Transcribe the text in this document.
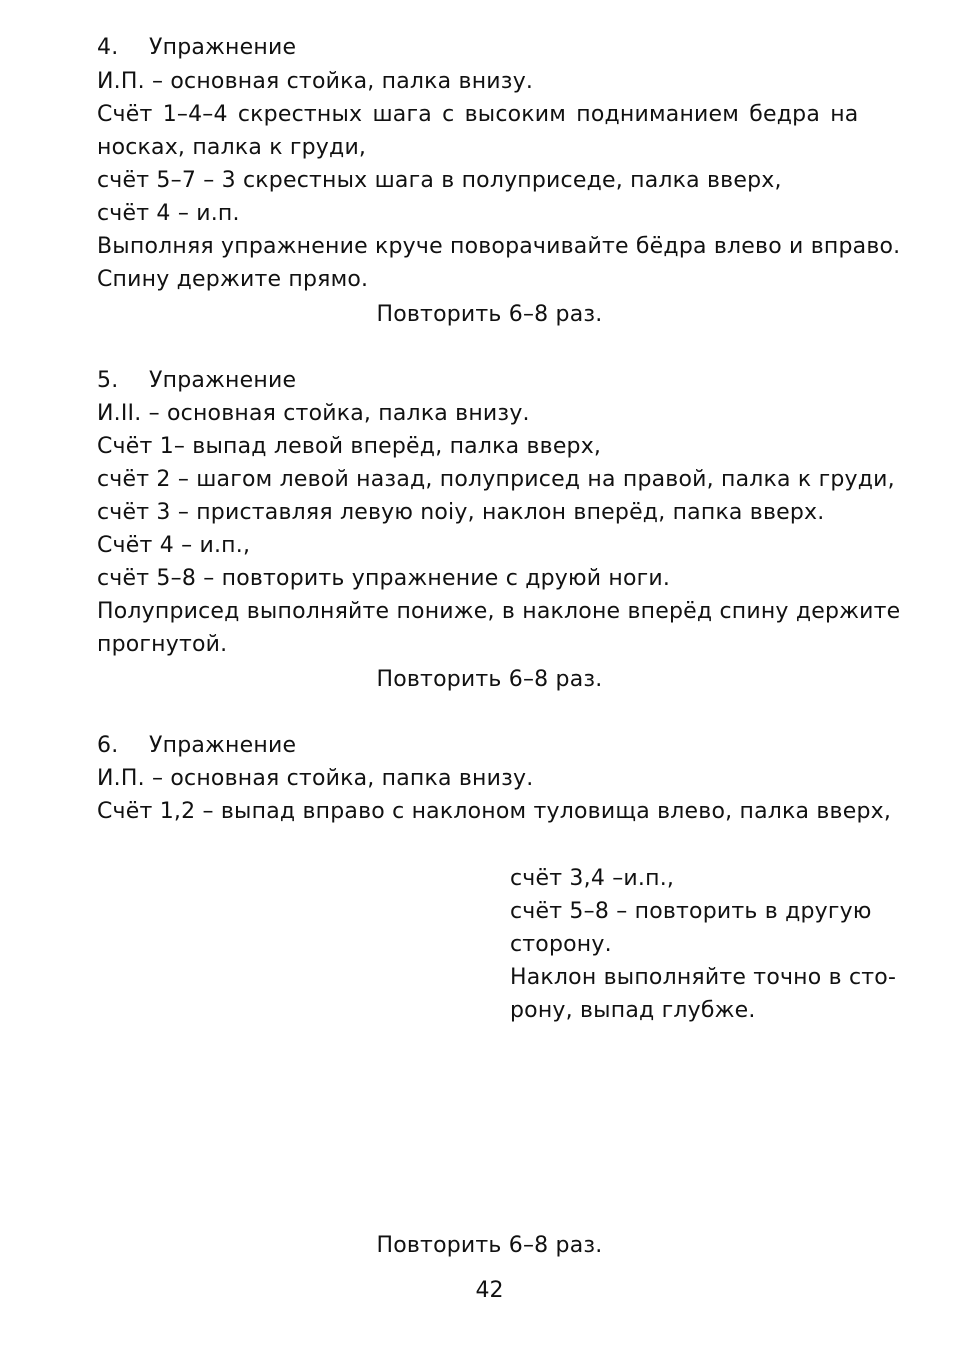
4. Упражнение
И.П. – основная стойка, палка внизу.
Счёт 1–4–4 скрестных шага с высоким подниманием бедра на
носках, палка к груди,
счёт 5–7 – 3 скрестных шага в полуприседе, палка вверх,
счёт 4 – и.п.
Выполняя упражнение круче поворачивайте бёдра влево и вправо.
Спину держите прямо.
Повторить 6–8 раз.
5. Упражнение
И.II. – основная стойка, палка внизу.
Счёт 1– выпад левой вперёд, палка вверх,
счёт 2 – шагом левой назад, полуприсед на правой, палка к груди,
счёт 3 – приставляя левую noiy, наклон вперёд, папка вверх.
Счёт 4 – и.п.,
счёт 5–8 – повторить упражнение с друюй ноги.
Полуприсед выполняйте пониже, в наклоне вперёд спину держите
прогнутой.
Повторить 6–8 раз.
6. Упражнение
И.П. – основная стойка, папка внизу.
Счёт 1,2 – выпад вправо с наклоном туловища влево, палка вверх,
счёт 3,4 –и.п.,
счёт 5–8 – повторить в другую
сторону.
Наклон выполняйте точно в сто-
рону, выпад глубже.
Повторить 6–8 раз.
42
